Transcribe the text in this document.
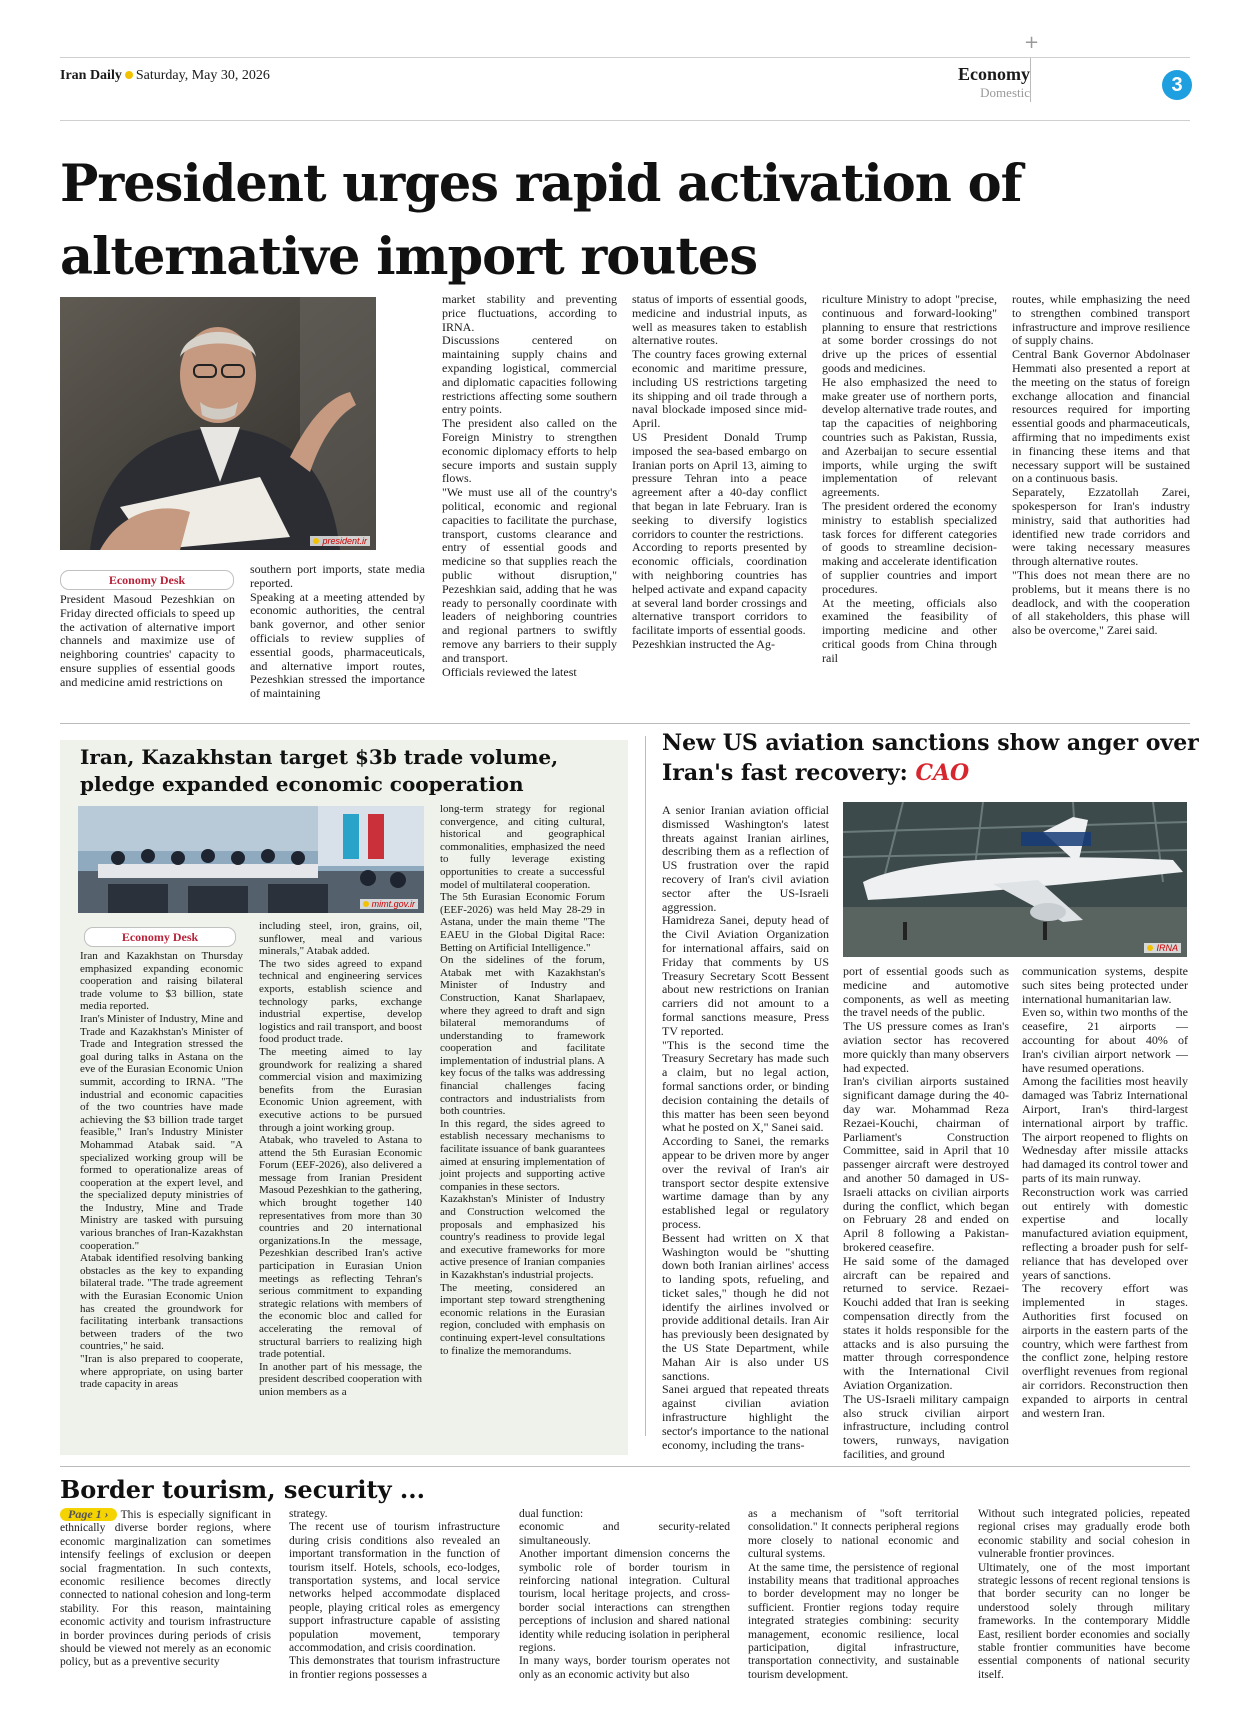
+
Iran Daily Saturday, May 30, 2026	Economy
Domestic	3
President urges rapid activation of alternative import routes
president.ir
Economy Desk

President Masoud Pezeshkian on Friday directed officials to speed up the activation of alternative import channels and maximize use of neighboring countries' capacity to ensure supplies of essential goods and medicine amid restrictions on

southern port imports, state media reported.
Speaking at a meeting attended by economic authorities, the central bank governor, and other senior officials to review supplies of essential goods, pharmaceuticals, and alternative import routes, Pezeshkian stressed the importance of maintaining

market stability and preventing price fluctuations, according to IRNA.
Discussions centered on maintaining supply chains and expanding logistical, commercial and diplomatic capacities following restrictions affecting some southern entry points.
The president also called on the Foreign Ministry to strengthen economic diplomacy efforts to help secure imports and sustain supply flows.
"We must use all of the country's political, economic and regional capacities to facilitate the purchase, transport, customs clearance and entry of essential goods and medicine so that supplies reach the public without disruption," Pezeshkian said, adding that he was ready to personally coordinate with leaders of neighboring countries and regional partners to swiftly remove any barriers to their supply and transport.
Officials reviewed the latest

status of imports of essential goods, medicine and industrial inputs, as well as measures taken to establish alternative routes.
The country faces growing external economic and maritime pressure, including US restrictions targeting its shipping and oil trade through a naval blockade imposed since mid-April.
US President Donald Trump imposed the sea-based embargo on Iranian ports on April 13, aiming to pressure Tehran into a peace agreement after a 40-day conflict that began in late February. Iran is seeking to diversify logistics corridors to counter the restrictions.
According to reports presented by economic officials, coordination with neighboring countries has helped activate and expand capacity at several land border crossings and alternative transport corridors to facilitate imports of essential goods.
Pezeshkian instructed the Ag-

riculture Ministry to adopt "precise, continuous and forward-looking" planning to ensure that restrictions at some border crossings do not drive up the prices of essential goods and medicines.
He also emphasized the need to make greater use of northern ports, develop alternative trade routes, and tap the capacities of neighboring countries such as Pakistan, Russia, and Azerbaijan to secure essential imports, while urging the swift implementation of relevant agreements.
The president ordered the economy ministry to establish specialized task forces for different categories of goods to streamline decision-making and accelerate identification of supplier countries and import procedures.
At the meeting, officials also examined the feasibility of importing medicine and other critical goods from China through rail

routes, while emphasizing the need to strengthen combined transport infrastructure and improve resilience of supply chains.
Central Bank Governor Abdolnaser Hemmati also presented a report at the meeting on the status of foreign exchange allocation and financial resources required for importing essential goods and pharmaceuticals, affirming that no impediments exist in financing these items and that necessary support will be sustained on a continuous basis.
Separately, Ezzatollah Zarei, spokesperson for Iran's industry ministry, said that authorities had identified new trade corridors and were taking necessary measures through alternative routes.
"This does not mean there are no problems, but it means there is no deadlock, and with the cooperation of all stakeholders, this phase will also be overcome," Zarei said.

Iran, Kazakhstan target $3b trade volume, pledge expanded economic cooperation
mimt.gov.ir
Economy Desk

Iran and Kazakhstan on Thursday emphasized expanding economic cooperation and raising bilateral trade volume to $3 billion, state media reported.
Iran's Minister of Industry, Mine and Trade and Kazakhstan's Minister of Trade and Integration stressed the goal during talks in Astana on the eve of the Eurasian Economic Union summit, according to IRNA. "The industrial and economic capacities of the two countries have made achieving the $3 billion trade target feasible," Iran's Industry Minister Mohammad Atabak said. "A specialized working group will be formed to operationalize areas of cooperation at the expert level, and the specialized deputy ministries of the Industry, Mine and Trade Ministry are tasked with pursuing various branches of Iran-Kazakhstan cooperation."
Atabak identified resolving banking obstacles as the key to expanding bilateral trade. "The trade agreement with the Eurasian Economic Union has created the groundwork for facilitating interbank transactions between traders of the two countries," he said.
"Iran is also prepared to cooperate, where appropriate, on using barter trade capacity in areas

including steel, iron, grains, oil, sunflower, meal and various minerals," Atabak added.
The two sides agreed to expand technical and engineering services exports, establish science and technology parks, exchange industrial expertise, develop logistics and rail transport, and boost food product trade.
The meeting aimed to lay groundwork for realizing a shared commercial vision and maximizing benefits from the Eurasian Economic Union agreement, with executive actions to be pursued through a joint working group.
Atabak, who traveled to Astana to attend the 5th Eurasian Economic Forum (EEF-2026), also delivered a message from Iranian President Masoud Pezeshkian to the gathering, which brought together 140 representatives from more than 30 countries and 20 international organizations.In the message, Pezeshkian described Iran's active participation in Eurasian Union meetings as reflecting Tehran's serious commitment to expanding strategic relations with members of the economic bloc and called for accelerating the removal of structural barriers to realizing high trade potential.
In another part of his message, the president described cooperation with union members as a

long-term strategy for regional convergence, and citing cultural, historical and geographical commonalities, emphasized the need to fully leverage existing opportunities to create a successful model of multilateral cooperation.
The 5th Eurasian Economic Forum (EEF-2026) was held May 28-29 in Astana, under the main theme "The EAEU in the Global Digital Race: Betting on Artificial Intelligence."
On the sidelines of the forum, Atabak met with Kazakhstan's Minister of Industry and Construction, Kanat Sharlapaev, where they agreed to draft and sign bilateral memorandums of understanding to framework cooperation and facilitate implementation of industrial plans. A key focus of the talks was addressing financial challenges facing contractors and industrialists from both countries.
In this regard, the sides agreed to establish necessary mechanisms to facilitate issuance of bank guarantees aimed at ensuring implementation of joint projects and supporting active companies in these sectors.
Kazakhstan's Minister of Industry and Construction welcomed the proposals and emphasized his country's readiness to provide legal and executive frameworks for more active presence of Iranian companies in Kazakhstan's industrial projects.
The meeting, considered an important step toward strengthening economic relations in the Eurasian region, concluded with emphasis on continuing expert-level consultations to finalize the memorandums.

New US aviation sanctions show anger over Iran's fast recovery: CAO
IRNA

A senior Iranian aviation official dismissed Washington's latest threats against Iranian airlines, describing them as a reflection of US frustration over the rapid recovery of Iran's civil aviation sector after the US-Israeli aggression.
Hamidreza Sanei, deputy head of the Civil Aviation Organization for international affairs, said on Friday that comments by US Treasury Secretary Scott Bessent about new restrictions on Iranian carriers did not amount to a formal sanctions measure, Press TV reported.
"This is the second time the Treasury Secretary has made such a claim, but no legal action, formal sanctions order, or binding decision containing the details of this matter has been seen beyond what he posted on X," Sanei said.
According to Sanei, the remarks appear to be driven more by anger over the revival of Iran's air transport sector despite extensive wartime damage than by any established legal or regulatory process.
Bessent had written on X that Washington would be "shutting down both Iranian airlines' access to landing spots, refueling, and ticket sales," though he did not identify the airlines involved or provide additional details. Iran Air has previously been designated by the US State Department, while Mahan Air is also under US sanctions.
Sanei argued that repeated threats against civilian aviation infrastructure highlight the sector's importance to the national economy, including the trans-

port of essential goods such as medicine and automotive components, as well as meeting the travel needs of the public.
The US pressure comes as Iran's aviation sector has recovered more quickly than many observers had expected.
Iran's civilian airports sustained significant damage during the 40-day war. Mohammad Reza Rezaei-Kouchi, chairman of Parliament's Construction Committee, said in April that 10 passenger aircraft were destroyed and another 50 damaged in US-Israeli attacks on civilian airports during the conflict, which began on February 28 and ended on April 8 following a Pakistan-brokered ceasefire.
He said some of the damaged aircraft can be repaired and returned to service. Rezaei-Kouchi added that Iran is seeking compensation directly from the states it holds responsible for the attacks and is also pursuing the matter through correspondence with the International Civil Aviation Organization.
The US-Israeli military campaign also struck civilian airport infrastructure, including control towers, runways, navigation facilities, and ground

communication systems, despite such sites being protected under international humanitarian law.
Even so, within two months of the ceasefire, 21 airports — accounting for about 40% of Iran's civilian airport network — have resumed operations.
Among the facilities most heavily damaged was Tabriz International Airport, Iran's third-largest international airport by traffic. The airport reopened to flights on Wednesday after missile attacks had damaged its control tower and parts of its main runway.
Reconstruction work was carried out entirely with domestic expertise and locally manufactured aviation equipment, reflecting a broader push for self-reliance that has developed over years of sanctions.
The recovery effort was implemented in stages. Authorities first focused on airports in the eastern parts of the country, which were farthest from the conflict zone, helping restore overflight revenues from regional air corridors. Reconstruction then expanded to airports in central and western Iran.

Border tourism, security ...

Page 1 › This is especially significant in ethnically diverse border regions, where economic marginalization can sometimes intensify feelings of exclusion or deepen social fragmentation. In such contexts, economic resilience becomes directly connected to national cohesion and long-term stability. For this reason, maintaining economic activity and tourism infrastructure in border provinces during periods of crisis should be viewed not merely as an economic policy, but as a preventive security

strategy.
The recent use of tourism infrastructure during crisis conditions also revealed an important transformation in the function of tourism itself. Hotels, schools, eco-lodges, transportation systems, and local service networks helped accommodate displaced people, playing critical roles as emergency support infrastructure capable of assisting population movement, temporary accommodation, and crisis coordination.
This demonstrates that tourism infrastructure in frontier regions possesses a

dual function:
economic and security-related simultaneously.
Another important dimension concerns the symbolic role of border tourism in reinforcing national integration. Cultural tourism, local heritage projects, and cross-border social interactions can strengthen perceptions of inclusion and shared national identity while reducing isolation in peripheral regions.
In many ways, border tourism operates not only as an economic activity but also

as a mechanism of "soft territorial consolidation." It connects peripheral regions more closely to national economic and cultural systems.
At the same time, the persistence of regional instability means that traditional approaches to border development may no longer be sufficient. Frontier regions today require integrated strategies combining: security management, economic resilience, local participation, digital infrastructure, transportation connectivity, and sustainable tourism development.

Without such integrated policies, repeated regional crises may gradually erode both economic stability and social cohesion in vulnerable frontier provinces.
Ultimately, one of the most important strategic lessons of recent regional tensions is that border security can no longer be understood solely through military frameworks. In the contemporary Middle East, resilient border economies and socially stable frontier communities have become essential components of national security itself.
